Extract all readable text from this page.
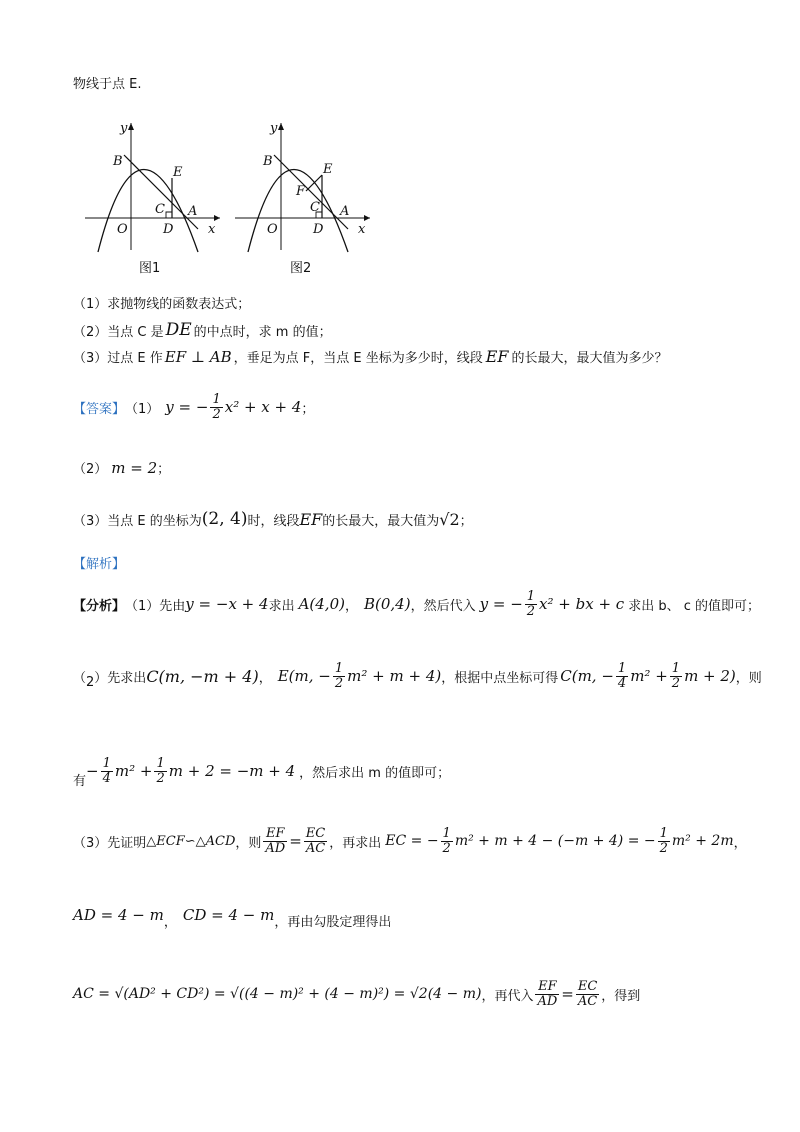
物线于点 E.
B
E
C A
O	D
y
x
图1
B
E
F
C A
O	D
y
x
图2
（1）求抛物线的函数表达式；
（2）当点 C 是 DE 的中点时，求 m 的值；
（3）过点 E 作 EF ⊥ AB ，垂足为点 F，当点 E 坐标为多少时，线段 EF 的长最大，最大值为多少？
【答案】 （1） y = − $\frac{1}{2} x^2 + x + 4$ ；
（2） m = 2 ；
（3）当点 E 的坐标为 (2, 4) 时，线段 EF 的长最大，最大值为 √2 ；
【解析】
【分析】 （1）先由 y = −x + 4 求出 A(4,0) ， B(0,4) ，然后代入 y = − $\frac{1}{2} x^2$ + bx + c 求出 b、 c 的值即可；
（ 2 ）先求出 C(m, −m + 4) ， E(m, − $\frac{1}{2} m^2 + m + 4$) ，根据中点坐标可得 C(m, − $\frac{1}{4} m^2 + \frac{1}{2}$ m + 2) ，则
有
− $\frac{1}{4} m^2 + \frac{1}{2}$ m + 2 = −m + 4 ，然后求出 m 的值即可；
（3）先证明 △ECF∽△ACD ，则 $\frac{EF}{AD} = \frac{EC}{AC}$ ，再求出 EC = − $\frac{1}{2} m^2 + m + 4 - (-m + 4)$ = − $\frac{1}{2} m^2 + 2m$ ，
AD = 4 − m ， CD = 4 − m ，再由勾股定理得出
AC = √(AD² + CD²) = √((4 − m)² + (4 − m)²) = √2(4 − m) ，再代入 $\frac{EF}{AD} = \frac{EC}{AC}$ ，得到
